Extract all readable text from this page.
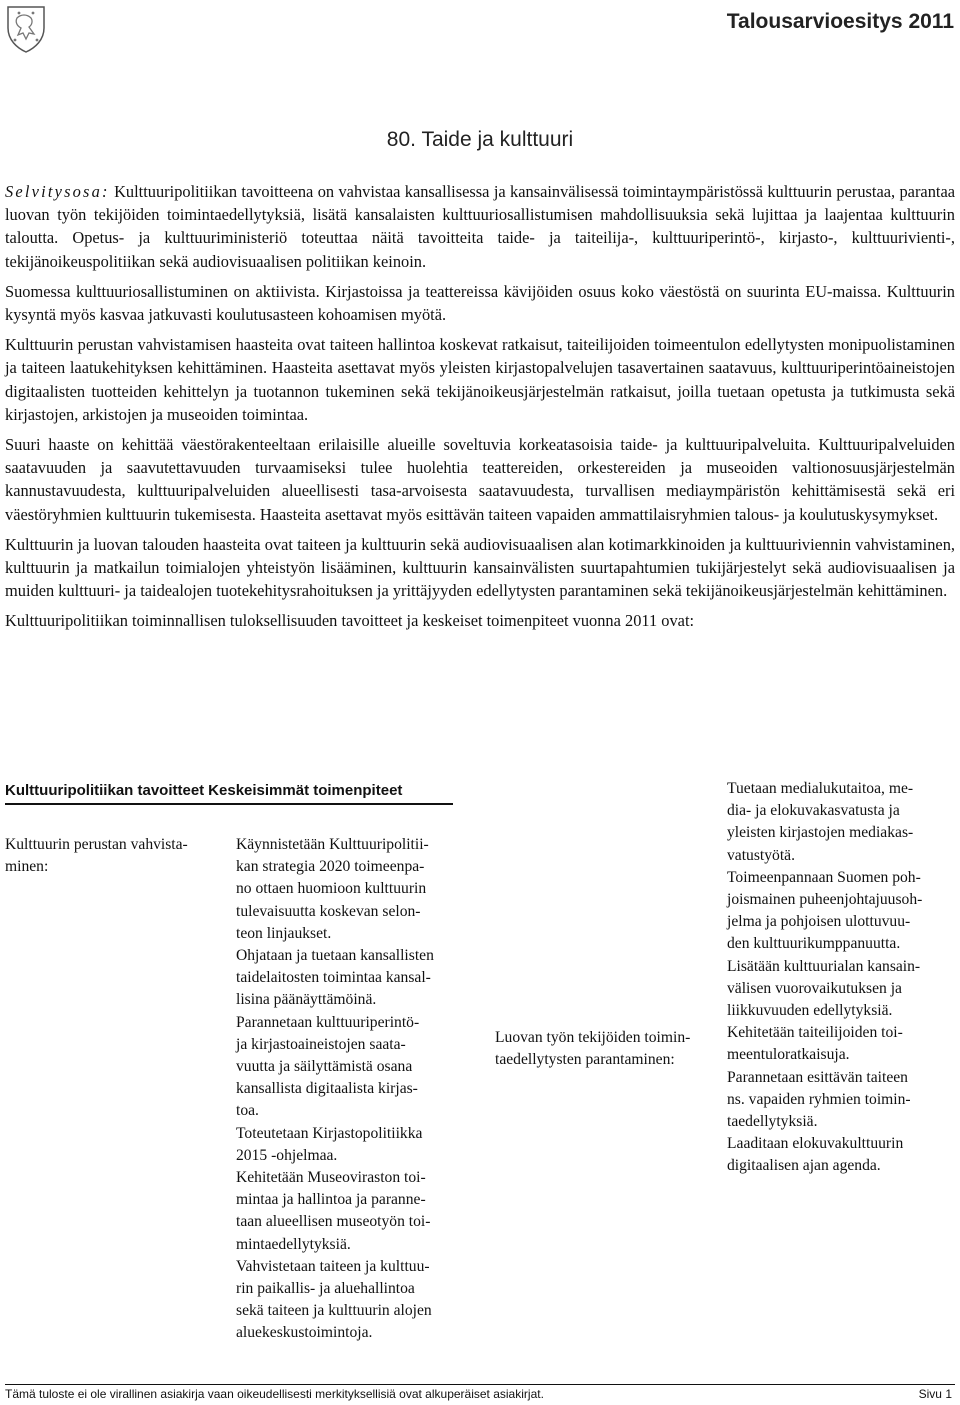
Talousarvioesitys 2011
80. Taide ja kulttuuri

Selvitysosa: Kulttuuripolitiikan tavoitteena on vahvistaa kansallisessa ja kansainvälisessä toimintaympäristössä kulttuurin perustaa, parantaa luovan työn tekijöiden toimintaedellytyksiä, lisätä kansalaisten kulttuuriosallistumisen mahdollisuuksia sekä lujittaa ja laajentaa kulttuurin taloutta. Opetus- ja kulttuuriministeriö toteuttaa näitä tavoitteita taide- ja taiteilija-, kulttuuriperintö-, kirjasto-, kulttuurivienti-, tekijänoikeuspolitiikan sekä audiovisuaalisen politiikan keinoin.

Suomessa kulttuuriosallistuminen on aktiivista. Kirjastoissa ja teattereissa kävijöiden osuus koko väestöstä on suurinta EU-maissa. Kulttuurin kysyntä myös kasvaa jatkuvasti koulutusasteen kohoamisen myötä.

Kulttuurin perustan vahvistamisen haasteita ovat taiteen hallintoa koskevat ratkaisut, taiteilijoiden toimeentulon edellytysten monipuolistaminen ja taiteen laatukehityksen kehittäminen. Haasteita asettavat myös yleisten kirjastopalvelujen tasavertainen saatavuus, kulttuuriperintöaineistojen digitaalisten tuotteiden kehittelyn ja tuotannon tukeminen sekä tekijänoikeusjärjestelmän ratkaisut, joilla tuetaan opetusta ja tutkimusta sekä kirjastojen, arkistojen ja museoiden toimintaa.

Suuri haaste on kehittää väestörakenteeltaan erilaisille alueille soveltuvia korkeatasoisia taide- ja kulttuuripalveluita. Kulttuuripalveluiden saatavuuden ja saavutettavuuden turvaamiseksi tulee huolehtia teattereiden, orkestereiden ja museoiden valtionosuusjärjestelmän kannustavuudesta, kulttuuripalveluiden alueellisesti tasa-arvoisesta saatavuudesta, turvallisen mediaympäristön kehittämisestä sekä eri väestöryhmien kulttuurin tukemisesta. Haasteita asettavat myös esittävän taiteen vapaiden ammattilaisryhmien talous- ja koulutuskysymykset.

Kulttuurin ja luovan talouden haasteita ovat taiteen ja kulttuurin sekä audiovisuaalisen alan kotimarkkinoiden ja kulttuuriviennin vahvistaminen, kulttuurin ja matkailun toimialojen yhteistyön lisääminen, kulttuurin kansainvälisten suurtapahtumien tukijärjestelyt sekä audiovisuaalisen ja muiden kulttuuri- ja taidealojen tuotekehitysrahoituksen ja yrittäjyyden edellytysten parantaminen sekä tekijänoikeusjärjestelmän kehittäminen.

Kulttuuripolitiikan toiminnallisen tuloksellisuuden tavoitteet ja keskeiset toimenpiteet vuonna 2011 ovat:

Kulttuuripolitiikan tavoitteet Keskeisimmät toimenpiteet
Kulttuurin perustan vahvista-
minen:
Käynnistetään Kulttuuripolitii-
kan strategia 2020 toimeenpa-
no ottaen huomioon kulttuurin
tulevaisuutta koskevan selon-
teon linjaukset.
Ohjataan ja tuetaan kansallisten
taidelaitosten toimintaa kansal-
lisina päänäyttämöinä.
Parannetaan kulttuuriperintö-
ja kirjastoaineistojen saata-
vuutta ja säilyttämistä osana
kansallista digitaalista kirjas-
toa.
Toteutetaan Kirjastopolitiikka
2015 -ohjelmaa.
Kehitetään Museoviraston toi-
mintaa ja hallintoa ja paranne-
taan alueellisen museotyön toi-
mintaedellytyksiä.
Vahvistetaan taiteen ja kulttuu-
rin paikallis- ja aluehallintoa
sekä taiteen ja kulttuurin alojen
aluekeskustoimintoja.
Luovan työn tekijöiden toimin-
taedellytysten parantaminen:
Tuetaan medialukutaitoa, me-
dia- ja elokuvakasvatusta ja
yleisten kirjastojen mediakas-
vatustyötä.
Toimeenpannaan Suomen poh-
joismainen puheenjohtajuusoh-
jelma ja pohjoisen ulottuvuu-
den kulttuurikumppanuutta.
Lisätään kulttuurialan kansain-
välisen vuorovaikutuksen ja
liikkuvuuden edellytyksiä.
Kehitetään taiteilijoiden toi-
meentuloratkaisuja.
Parannetaan esittävän taiteen
ns. vapaiden ryhmien toimin-
taedellytyksiä.
Laaditaan elokuvakulttuurin
digitaalisen ajan agenda.
Tämä tuloste ei ole virallinen asiakirja vaan oikeudellisesti merkityksellisiä ovat alkuperäiset asiakirjat.	Sivu 1
